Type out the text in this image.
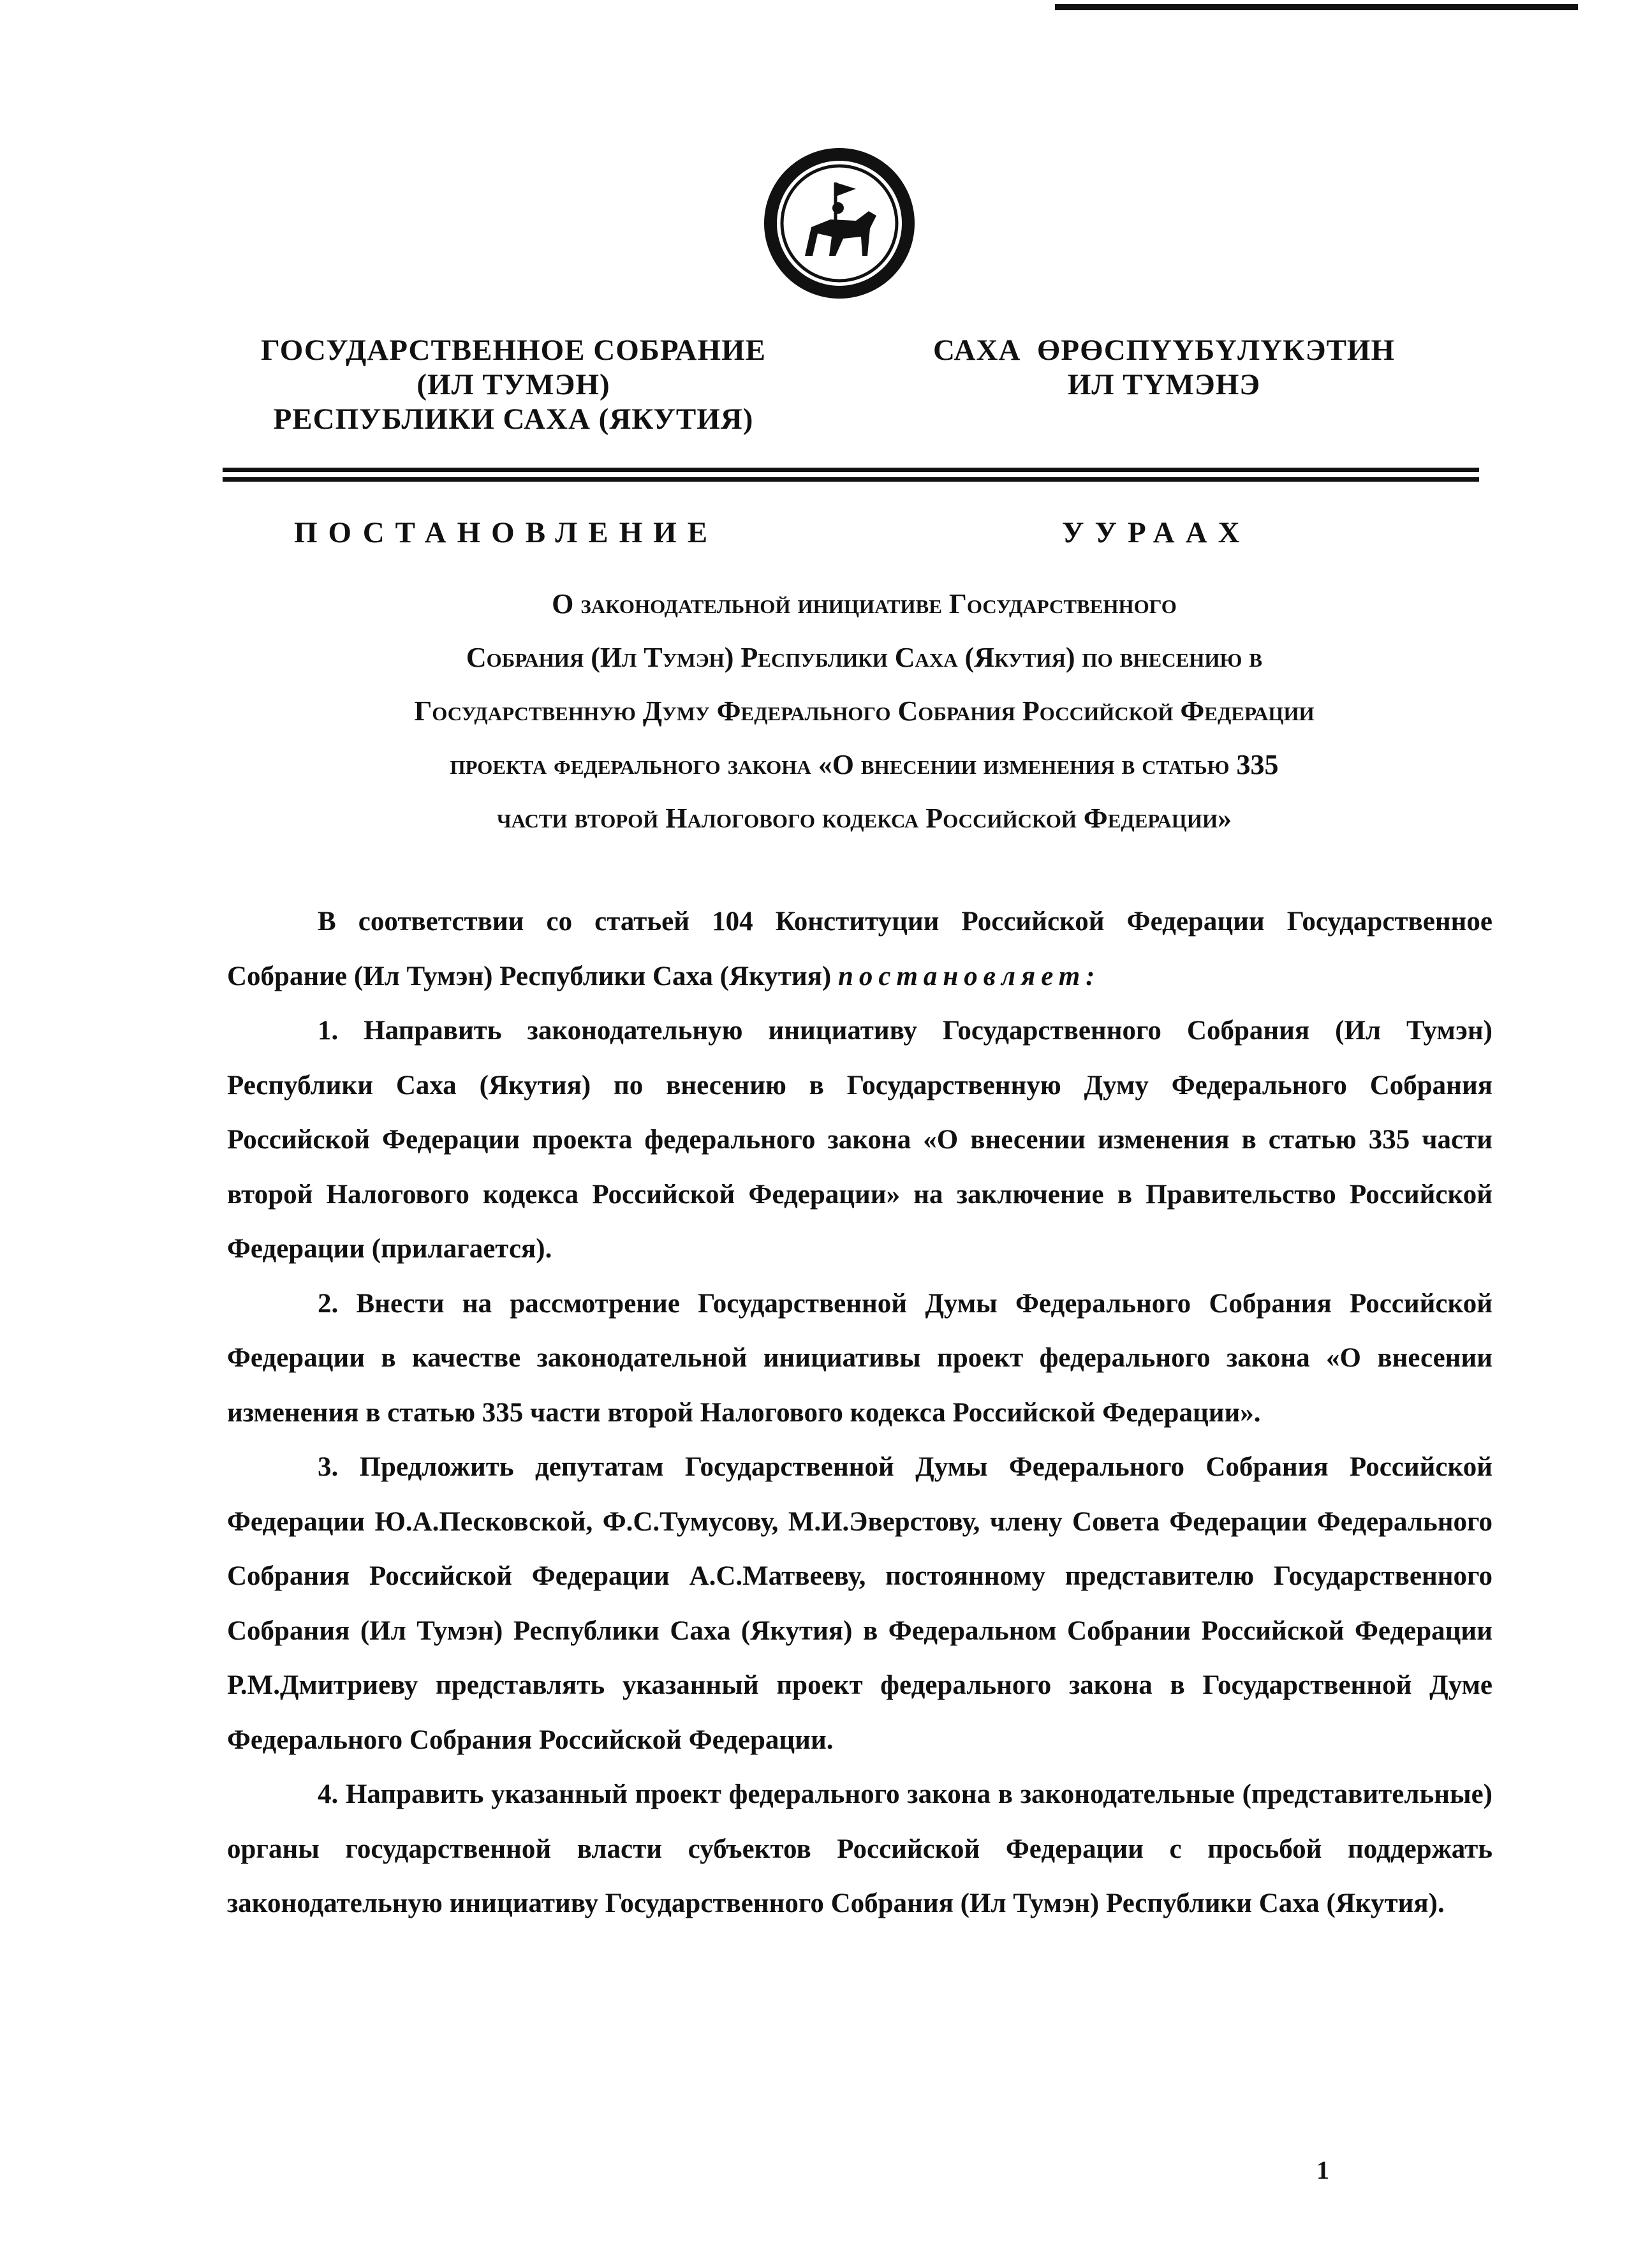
ГОСУДАРСТВЕННОЕ СОБРАНИЕ
(ИЛ ТУМЭН)
РЕСПУБЛИКИ САХА (ЯКУТИЯ)
САХА  ӨРӨСПҮҮБҮЛҮКЭТИН
ИЛ ТҮМЭНЭ
ПОСТАНОВЛЕНИЕ	УУРААХ
О законодательной инициативе Государственного
Собрания (Ил Тумэн) Республики Саха (Якутия) по внесению в
Государственную Думу Федерального Собрания Российской Федерации
проекта федерального закона «О внесении изменения в статью 335
части второй Налогового кодекса Российской Федерации»

В соответствии со статьей 104 Конституции Российской Федерации Государственное Собрание (Ил Тумэн) Республики Саха (Якутия) постановляет:

1. Направить законодательную инициативу Государственного Собрания (Ил Тумэн) Республики Саха (Якутия) по внесению в Государственную Думу Федерального Собрания Российской Федерации проекта федерального закона «О внесении изменения в статью 335 части второй Налогового кодекса Российской Федерации» на заключение в Правительство Российской Федерации (прилагается).

2. Внести на рассмотрение Государственной Думы Федерального Собрания Российской Федерации в качестве законодательной инициативы проект федерального закона «О внесении изменения в статью 335 части второй Налогового кодекса Российской Федерации».

3. Предложить депутатам Государственной Думы Федерального Собрания Российской Федерации Ю.А.Песковской, Ф.С.Тумусову, М.И.Эверстову, члену Совета Федерации Федерального Собрания Российской Федерации А.С.Матвееву, постоянному представителю Государственного Собрания (Ил Тумэн) Республики Саха (Якутия) в Федеральном Собрании Российской Федерации Р.М.Дмитриеву представлять указанный проект федерального закона в Государственной Думе Федерального Собрания Российской Федерации.

4. Направить указанный проект федерального закона в законодательные (представительные) органы государственной власти субъектов Российской Федерации с просьбой поддержать законодательную инициативу Государственного Собрания (Ил Тумэн) Республики Саха (Якутия).

1
